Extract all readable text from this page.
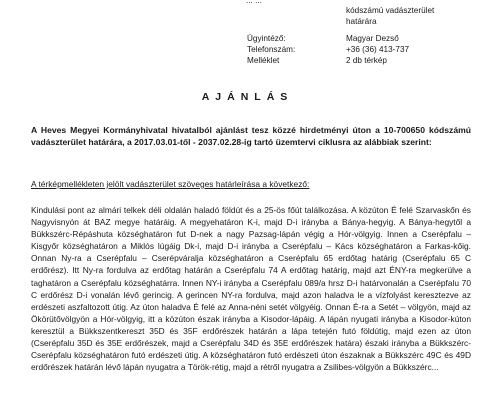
... ...
kódszámú vadászterület
határára
Ügyintéző:	Magyar Dezső
Telefonszám:	+36 (36) 413-737
Melléklet	2 db térkép
AJÁNLÁS
A Heves Megyei Kormányhivatal hivatalból ajánlást tesz közzé hirdetményi úton a 10-700650 kódszámú vadászterület határára, a 2017.03.01-től - 2037.02.28-ig tartó üzemtervi ciklusra az alábbiak szerint:
A térképmellékleten jelölt vadászterület szöveges határleírása a következő:

Kindulási pont az almári telkek déli oldalán haladó földút és a 25-ös főút találkozása. A közúton É felé Szarvaskőn és Nagyvisnyón át BAZ megye határáig. A megyehatáron K-i, majd D-i irányba a Bánya-hegyig. A Bánya-hegytől a Bükkszérc-Répáshuta községhatáron fut D-nek a nagy Pazsag-lápán végig a Hór-völgyig. Innen a Cserépfalu – Kisgyőr községhatáron a Miklós lúgáig Dk-i, majd D-i irányba a Cserépfalu – Kács községhatáron a Farkas-kőig. Onnan Ny-ra a Cserépfalu – Cserépváralja községhatáron a Cserépfalu 65 erdőtag határig (Cserépfalu 65 C erdőrész). Itt Ny-ra fordulva az erdőtag határán a Cserépfalu 74 A erdőtag határig, majd azt ÉNY-ra megkerülve a taghatáron a Cserépfalu községhatárra. Innen NY-i irányba a Cserépfalu 089/a hrsz D-i határvonalán a Cserépfalu 70 C erdőrész D-i vonalán lévő gerincig. A gerincen NY-ra fordulva, majd azon haladva le a vízfolyást keresztezve az erdészeti aszfaltozott útig. Az úton haladva É felé az Anna-néni setét völgyéig. Onnan É-ra a Setét – völgyön, majd az Ökörütővölgyön a Hór-völgyig, itt a közúton észak irányba a Kisodor-lápáig. A lápán nyugati irányba a Kisodor-kúton keresztül a Bükkszentkereszt 35D és 35F erdőrészek határán a lápa tetején futó földútig, majd ezen az úton (Cserépfalu 35D és 35E erdőrészek, majd a Cserépfalu 34D és 35E erdőrészek határa) északi irányba a Bükkszérc-Cserépfalu községhatáron futó erdészeti útig. A községhatáron futó erdészeti úton északnak a Bükkszérc 49C és 49D erdőrészek határán lévő lápán nyugatra a Török-rétig, majd a rétről nyugatra a Zsilibes-völgyön a Bükkszérc...
